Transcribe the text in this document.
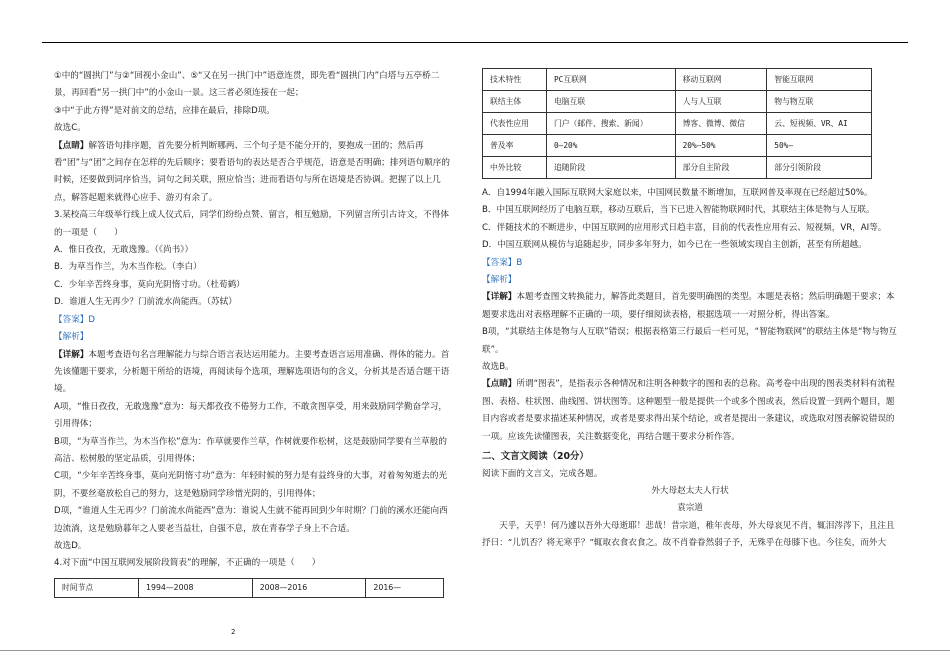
①中的“圆拱门”与②“回视小金山”、⑤“又在另一拱门中”语意连贯，即先看“圆拱门内”白塔与五亭桥二景，再回看“另一拱门中”的小金山一景。这三者必须连接在一起；

③中“于此方得”是对前文的总结，应排在最后，排除D项。

故选C。

【点睛】解答语句排序题，首先要分析判断哪两、三个句子是不能分开的，要抱成一团的；然后再看“团”与“团”之间存在怎样的先后顺序；要看语句的表达是否合乎规范，语意是否明确；排列语句顺序的时候，还要做到词序恰当，词句之间关联，照应恰当；进而看语句与所在语境是否协调。把握了以上几点，解答起题来就得心应手、游刃有余了。

3.某校高三年级举行线上成人仪式后，同学们纷纷点赞、留言，相互勉励，下列留言所引古诗文，不得体的一项是（　　）

A．惟日孜孜，无敢逸豫。（《尚书》）

B．为草当作兰，为木当作松。（李白）

C．少年辛苦终身事，莫向光阴惰寸功。（杜荀鹤）

D．谁道人生无再少？门前流水尚能西。（苏轼）

【答案】D

【解析】

【详解】本题考查语句名言理解能力与综合语言表达运用能力。主要考查语言运用准确、得体的能力。首先该懂题干要求，分析题干所给的语境，再阅读每个选项，理解选项语句的含义，分析其是否适合题干语境。

A项，“惟日孜孜，无敢逸豫”意为：每天都孜孜不倦努力工作，不敢贪图享受，用来鼓励同学勤奋学习，引用得体；

B项，“为草当作兰，为木当作松”意为：作草就要作兰草，作树就要作松树，这是鼓励同学要有兰草般的高洁、松树般的坚定品质，引用得体；

C项，“少年辛苦终身事，莫向光阴惰寸功”意为：年轻时候的努力是有益终身的大事，对着匆匆逝去的光阴，不要丝毫放松自己的努力，这是勉励同学珍惜光阴的，引用得体；

D项，“谁道人生无再少？门前流水尚能西”意为：谁说人生就不能再回到少年时期？门前的溪水还能向西边流淌，这是勉励暮年之人要老当益壮，自强不息，放在青春学子身上不合适。

故选D。

4.对下面“中国互联网发展阶段简表”的理解，不正确的一项是（　　）

时间节点	1994—2008	2008—2016	2016—
技术特性	PC互联网	移动互联网	智能互联网
联结主体	电脑互联	人与人互联	物与物互联
代表性应用	门户（邮件、搜索、新闻）	博客、微博、微信	云、短视频、VR、AI
普及率	0—20%	20%—50%	50%—
中外比较	追随阶段	部分自主阶段	部分引领阶段

A．自1994年融入国际互联网大家庭以来，中国网民数量不断增加，互联网普及率现在已经超过50%。

B．中国互联网经历了电脑互联，移动互联后，当下已进入智能物联网时代，其联结主体是物与人互联。

C．伴随技术的不断进步，中国互联网的应用形式日趋丰富，目前的代表性应用有云、短视频，VR，AI等。

D．中国互联网从模仿与追随起步，同步多年努力，如今已在一些领域实现自主创新，甚至有所超越。

【答案】B

【解析】

【详解】本题考查图文转换能力，解答此类题目，首先要明确图的类型。本题是表格；然后明确题干要求；本题要求选出对表格理解不正确的一项，要仔细阅读表格，根据选项一一对照分析，得出答案。

B项，“其联结主体是物与人互联”错误；根据表格第三行最后一栏可见，“智能物联网”的联结主体是“物与物互联”。

故选B。

【点睛】所谓“图表”，是指表示各种情况和注明各种数字的图和表的总称。高考卷中出现的图表类材料有流程图、表格、柱状图、曲线图、饼状图等。这种题型一般是提供一个或多个图或表，然后设置一到两个题目，题目内容或者是要求描述某种情况，或者是要求得出某个结论，或者是提出一条建议，或选取对图表解说错误的一项。应该先读懂图表，关注数据变化，再结合题干要求分析作答。

二、文言文阅读（20分）

阅读下面的文言文，完成各题。

外大母赵太夫人行状

袁宗道

天乎，天乎！何乃遽以吾外大母逝耶！悲哉！昔宗道，稚年丧母，外大母哀见不肖，辄泪涔涔下，且注且抒曰：“儿饥否？将无寒乎？”辄取衣食衣食之。故不肖眷眷然弱子予，无殊乎在母膝下也。今往矣，而外大

2
